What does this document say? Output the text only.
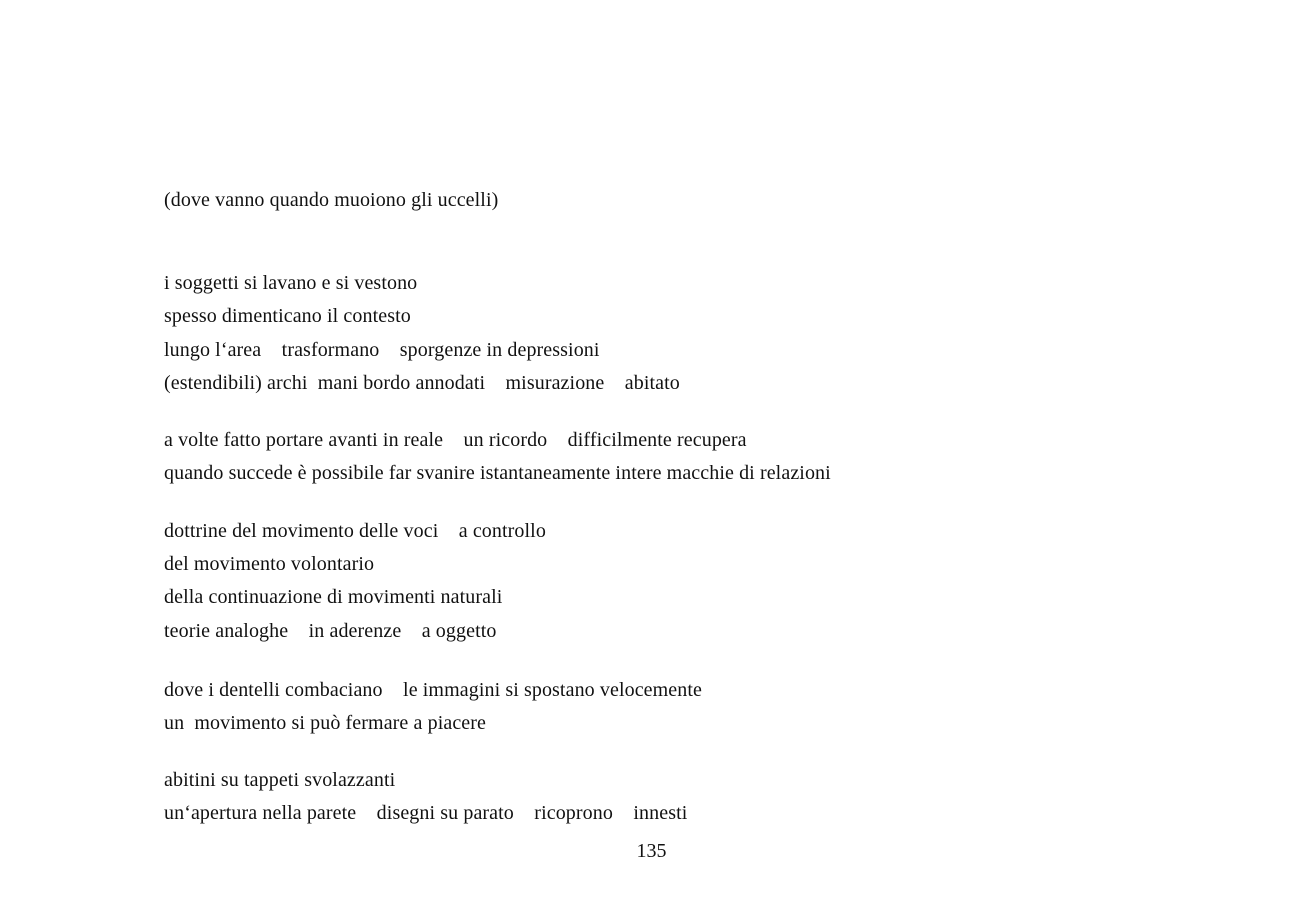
(dove vanno quando muoiono gli uccelli)
i soggetti si lavano e si vestono
spesso dimenticano il contesto
lungo l‘area    trasformano    sporgenze in depressioni
(estendibili) archi  mani bordo annodati    misurazione    abitato
a volte fatto portare avanti in reale    un ricordo    difficilmente recupera
quando succede è possibile far svanire istantaneamente intere macchie di relazioni
dottrine del movimento delle voci    a controllo
del movimento volontario
della continuazione di movimenti naturali
teorie analoghe    in aderenze    a oggetto
dove i dentelli combaciano    le immagini si spostano velocemente
un  movimento si può fermare a piacere
abitini su tappeti svolazzanti
un‘apertura nella parete    disegni su parato    ricoprono    innesti
135
